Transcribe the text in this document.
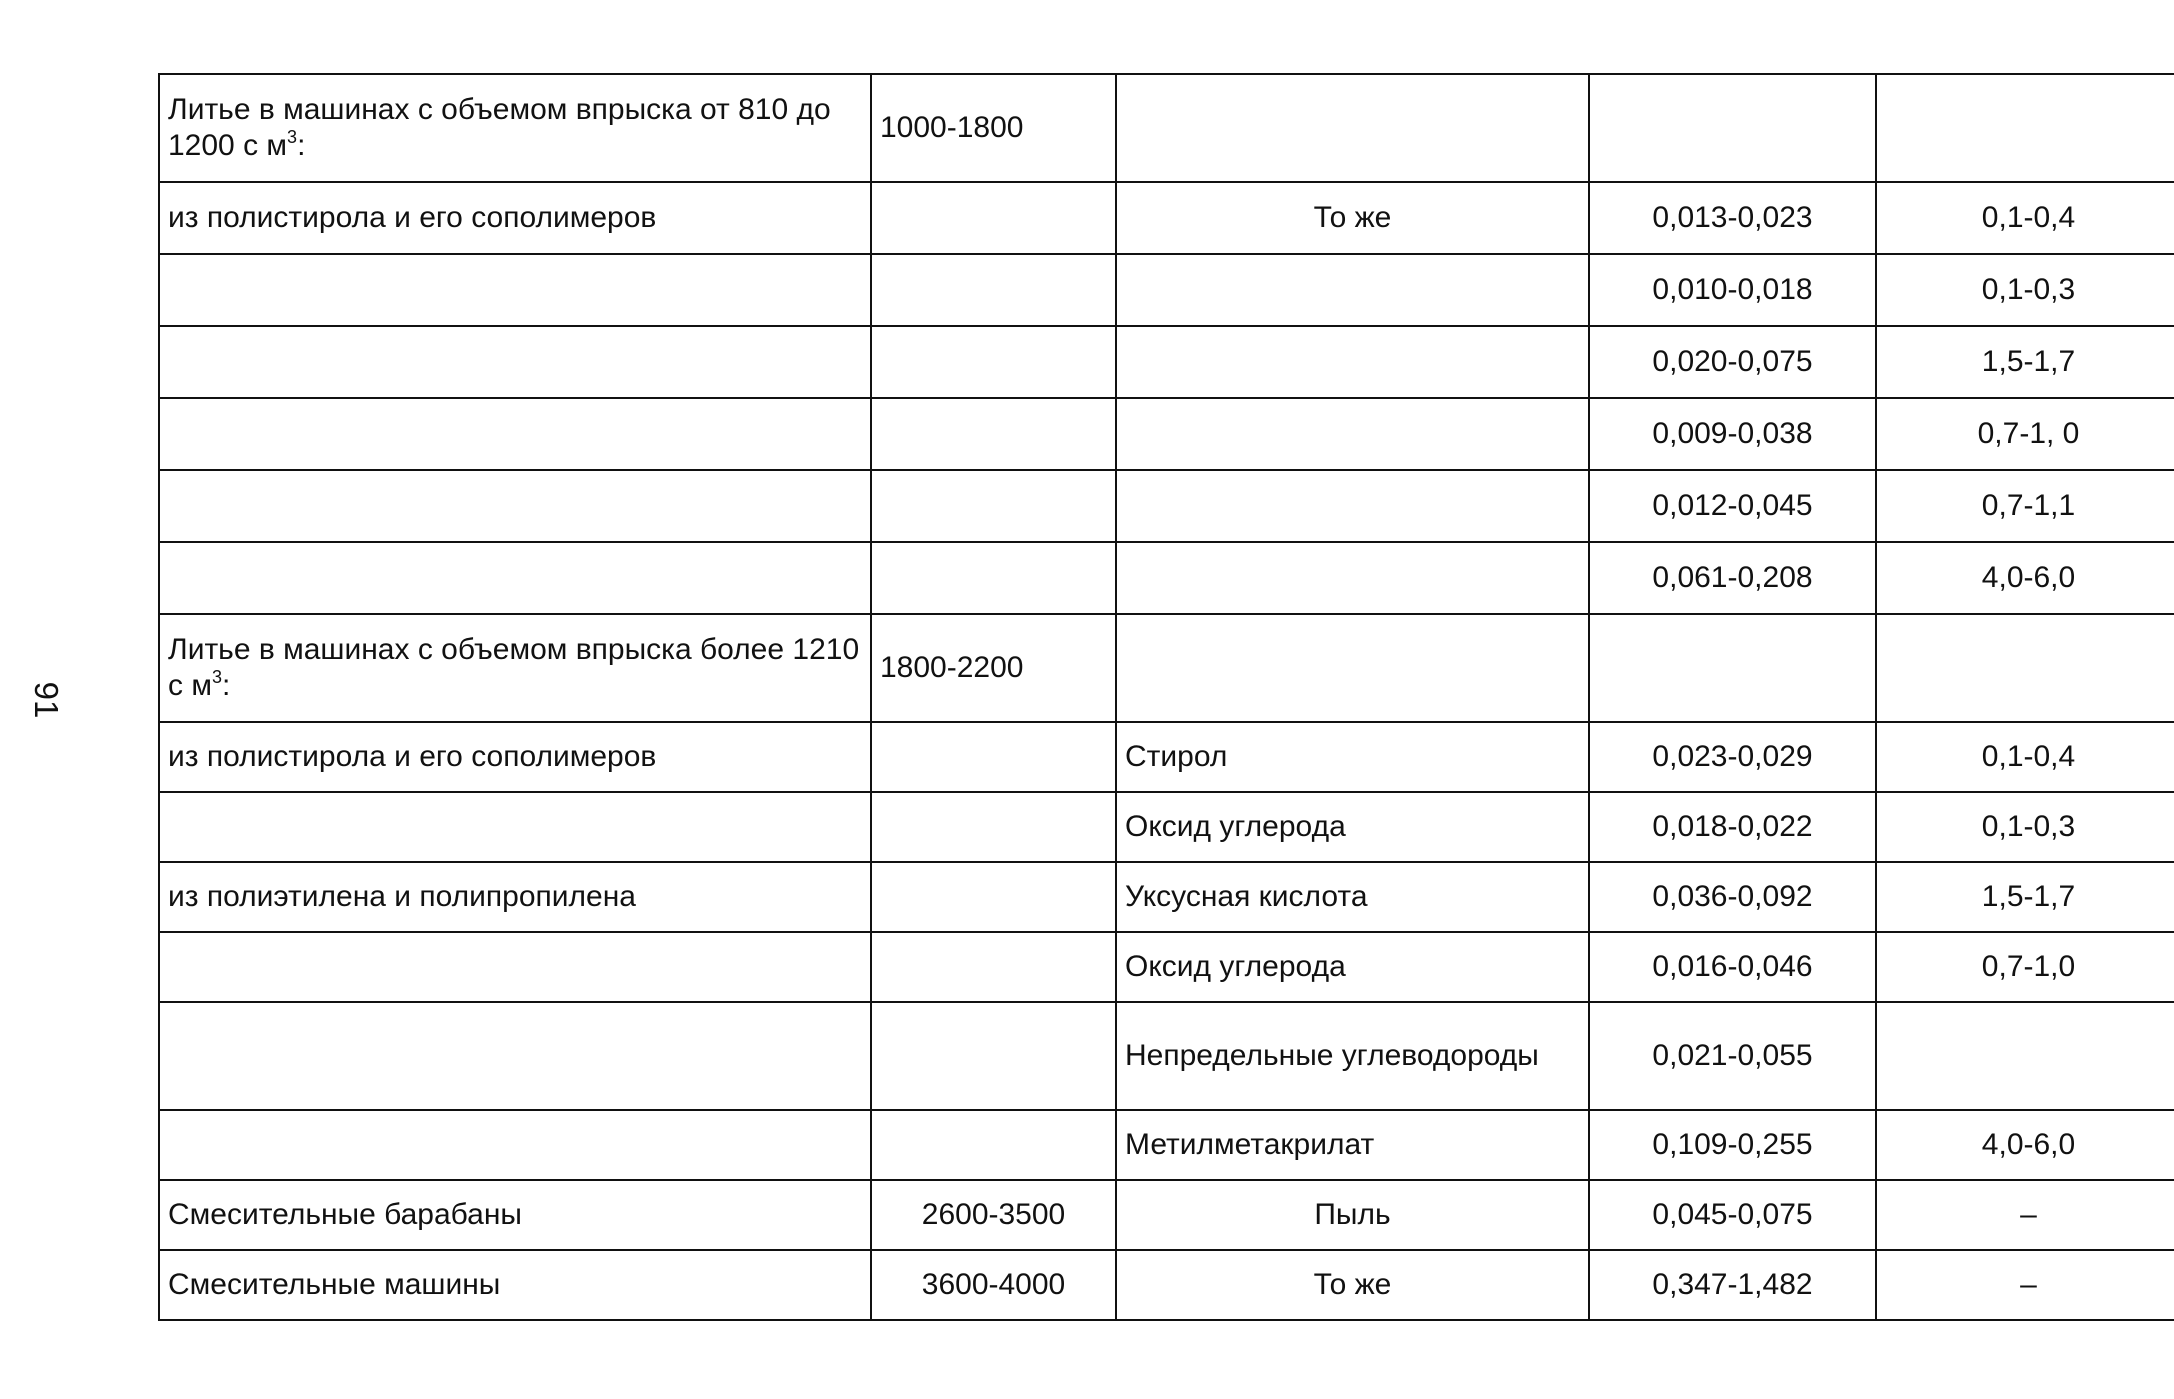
91
Литье в машинах с объемом впрыска от 810 до 1200 с $м^3$:	1000-1800			
из полистирола и его сополимеров		То же	0,013-0,023	0,1-0,4
			0,010-0,018	0,1-0,3
			0,020-0,075	1,5-1,7
			0,009-0,038	0,7-1, 0
			0,012-0,045	0,7-1,1
			0,061-0,208	4,0-6,0
Литье в машинах с объемом впрыска более 1210 с $м^3$:	1800-2200			
из полистирола и его сополимеров		Стирол	0,023-0,029	0,1-0,4
		Оксид углерода	0,018-0,022	0,1-0,3
из полиэтилена и полипропилена		Уксусная кислота	0,036-0,092	1,5-1,7
		Оксид углерода	0,016-0,046	0,7-1,0
		Непредельные углеводороды	0,021-0,055	
		Метилметакрилат	0,109-0,255	4,0-6,0
Смесительные барабаны	2600-3500	Пыль	0,045-0,075	–
Смесительные машины	3600-4000	То же	0,347-1,482	–
